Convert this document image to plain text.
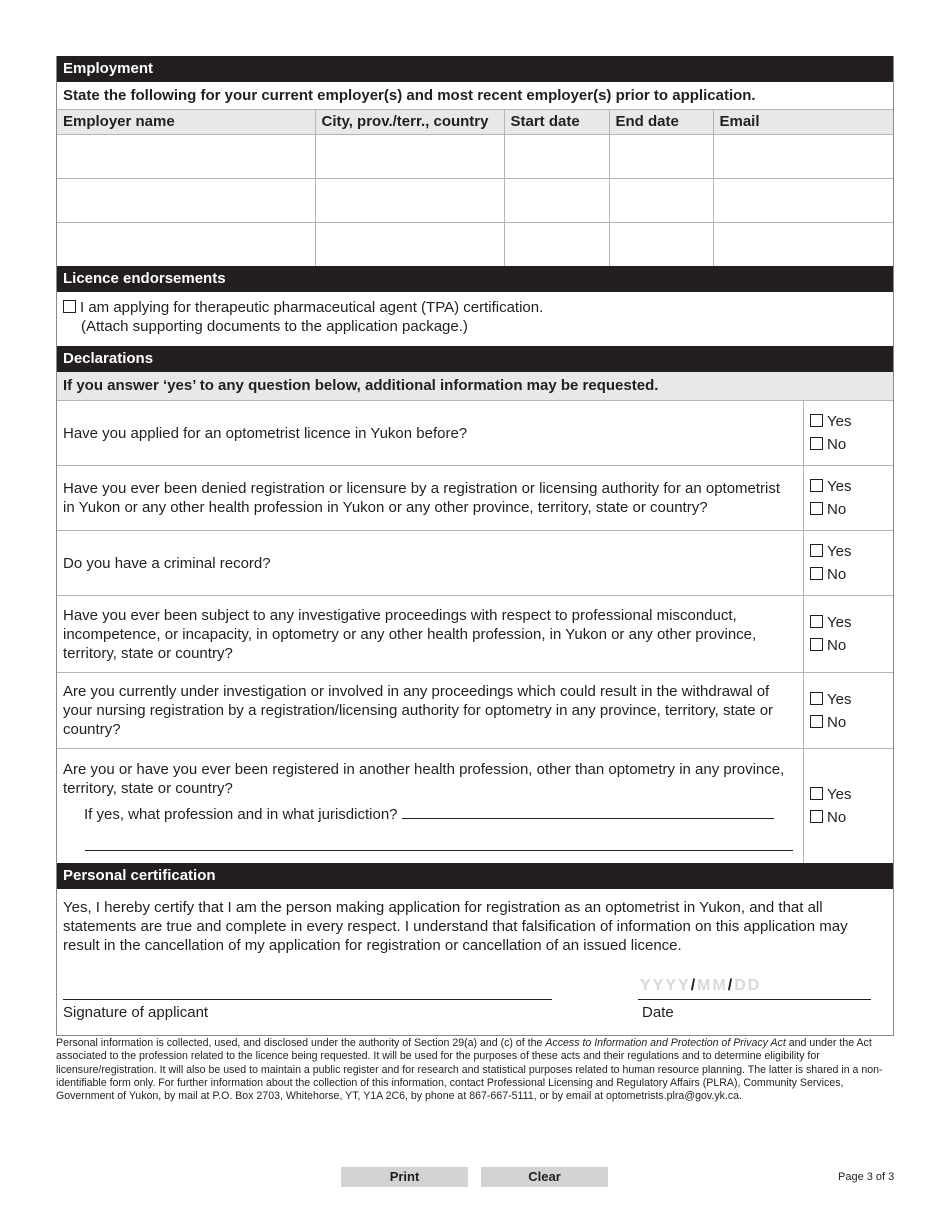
Employment
State the following for your current employer(s) and most recent employer(s) prior to application.
Employer name	City, prov./terr., country	Start date	End date	Email

Licence endorsements
I am applying for therapeutic pharmaceutical agent (TPA) certification.
(Attach supporting documents to the application package.)
Declarations
If you answer ‘yes’ to any question below, additional information may be requested.
Have you applied for an optometrist licence in Yukon before?
Yes
No
Have you ever been denied registration or licensure by a registration or licensing authority for an optometrist in Yukon or any other health profession in Yukon or any other province, territory, state or country?
Yes
No
Do you have a criminal record?
Yes
No
Have you ever been subject to any investigative proceedings with respect to professional misconduct, incompetence, or incapacity, in optometry or any other health profession, in Yukon or any other province, territory, state or country?
Yes
No
Are you currently under investigation or involved in any proceedings which could result in the withdrawal of your nursing registration by a registration/licensing authority for optometry in any province, territory, state or country?
Yes
No
Are you or have you ever been registered in another health profession, other than optometry in any province, territory, state or country?
If yes, what profession and in what jurisdiction?
Yes
No
Personal certification
Yes, I hereby certify that I am the person making application for registration as an optometrist in Yukon, and that all statements are true and complete in every respect. I understand that falsification of information on this application may result in the cancellation of my application for registration or cancellation of an issued licence.
Signature of applicant
YYYY/MM/DD
Date
Personal information is collected, used, and disclosed under the authority of Section 29(a) and (c) of the Access to Information and Protection of Privacy Act and under the Act associated to the profession related to the licence being requested. It will be used for the purposes of these acts and their regulations and to determine eligibility for licensure/registration. It will also be used to maintain a public register and for research and statistical purposes related to human resource planning. The latter is shared in a non-identifiable form only. For further information about the collection of this information, contact Professional Licensing and Regulatory Affairs (PLRA), Community Services, Government of Yukon, by mail at P.O. Box 2703, Whitehorse, YT, Y1A 2C6, by phone at 867-667-5111, or by email at optometrists.plra@gov.yk.ca.
Print	Clear	Page 3 of 3
